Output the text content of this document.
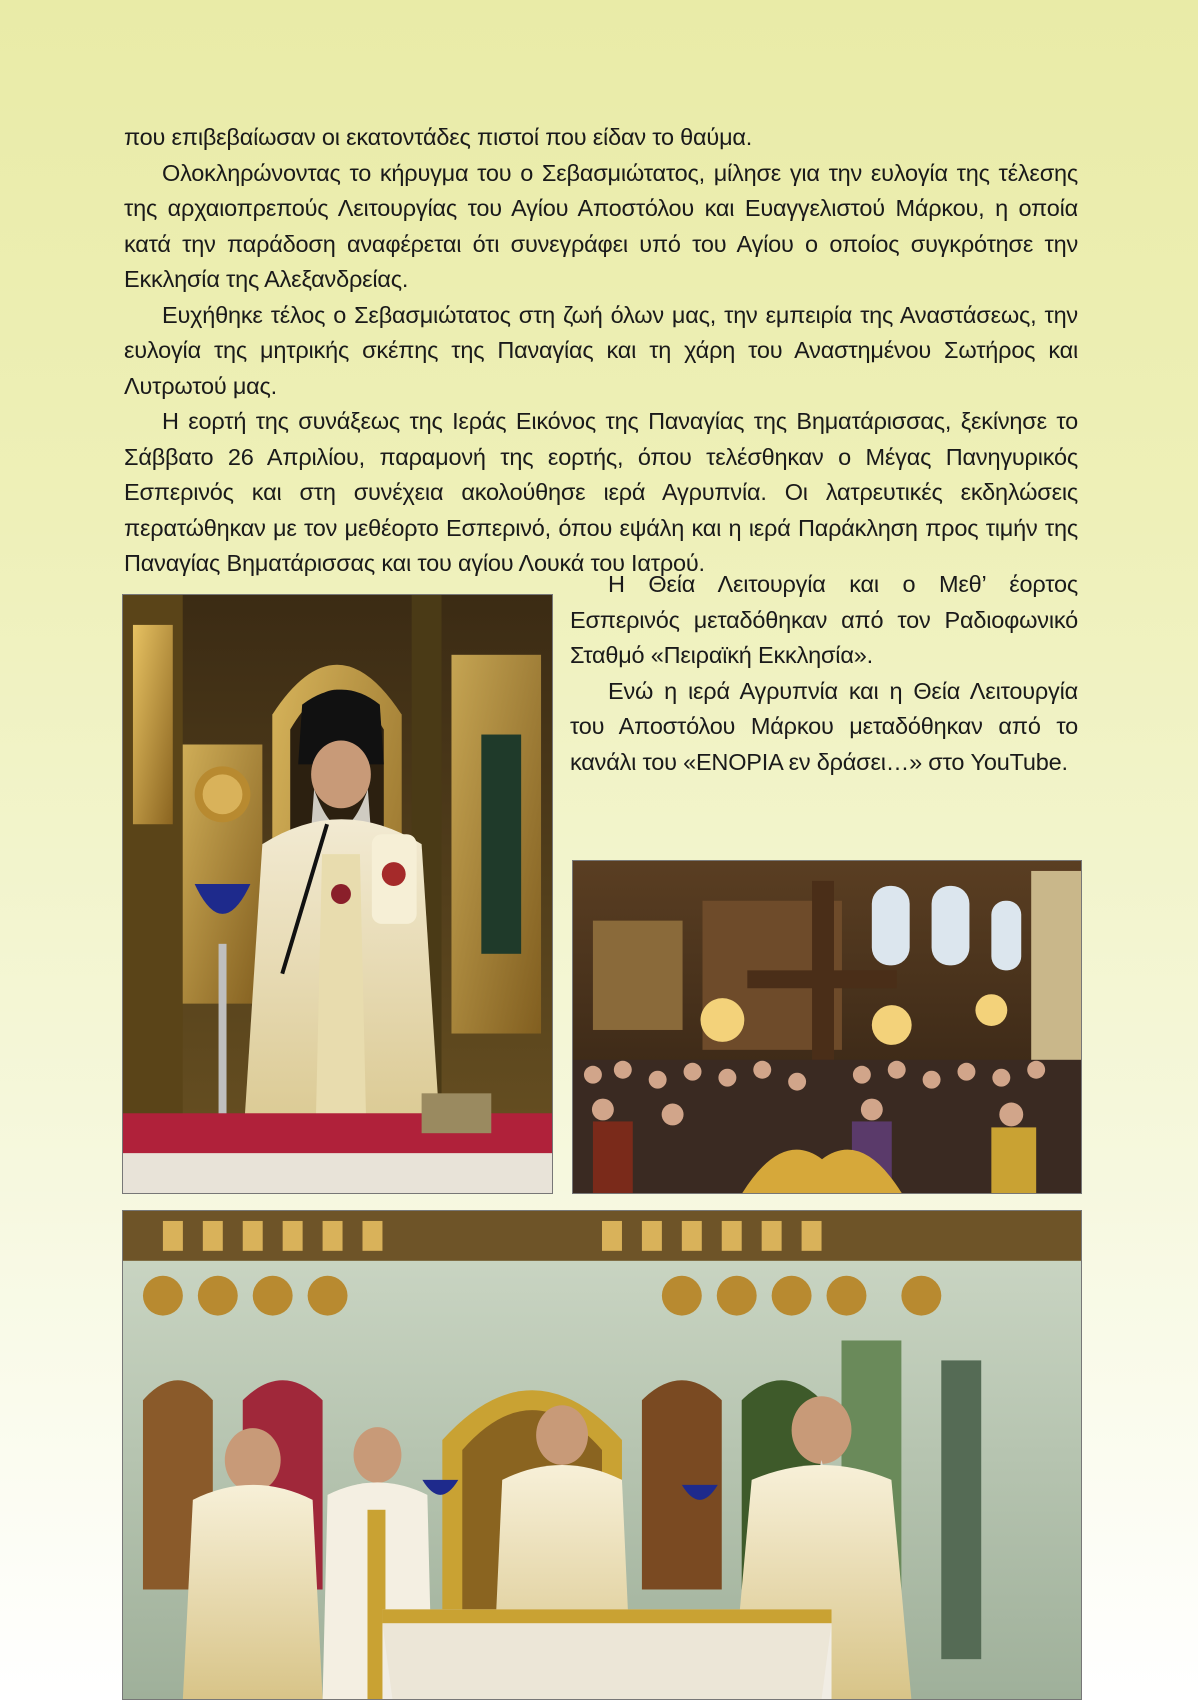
που επιβεβαίωσαν οι εκατοντάδες πιστοί που είδαν το θαύμα.

Ολοκληρώνοντας το κήρυγμα του ο Σεβασμιώτατος, μίλησε για την ευλογία της τέλεσης της αρχαιοπρεπούς Λειτουργίας του Αγίου Αποστόλου και Ευαγγελιστού Μάρκου, η οποία κατά την παράδοση αναφέρεται ότι συνεγράφει υπό του Αγίου ο οποίος συγκρότησε την Εκκλησία της Αλεξανδρείας.

Ευχήθηκε τέλος ο Σεβασμιώτατος στη ζωή όλων μας, την εμπειρία της Αναστάσεως, την ευλογία της μητρικής σκέπης της Παναγίας και τη χάρη του Αναστημένου Σωτήρος και Λυτρωτού μας.

Η εορτή της συνάξεως της Ιεράς Εικόνος της Παναγίας της Βηματάρισσας, ξεκίνησε το Σάββατο 26 Απριλίου, παραμονή της εορτής, όπου τελέσθηκαν ο Μέγας Πανηγυρικός Εσπερινός και στη συνέχεια ακολούθησε ιερά Αγρυπνία. Οι λατρευτικές εκδηλώσεις περατώθηκαν με τον μεθέορτο Εσπερινό, όπου εψάλη και η ιερά Παράκληση προς τιμήν της Παναγίας Βηματάρισσας και του αγίου Λουκά του Ιατρού.

Η Θεία Λειτουργία και ο Μεθ’ έορτος Εσπερινός μεταδόθηκαν από τον Ραδιοφωνικό Σταθμό «Πειραϊκή Εκκλησία».

Ενώ η ιερά Αγρυπνία και η Θεία Λειτουργία του Αποστόλου Μάρκου μεταδόθηκαν από το κανάλι του «ΕΝΟΡΙΑ εν δράσει…» στο YouTube.
